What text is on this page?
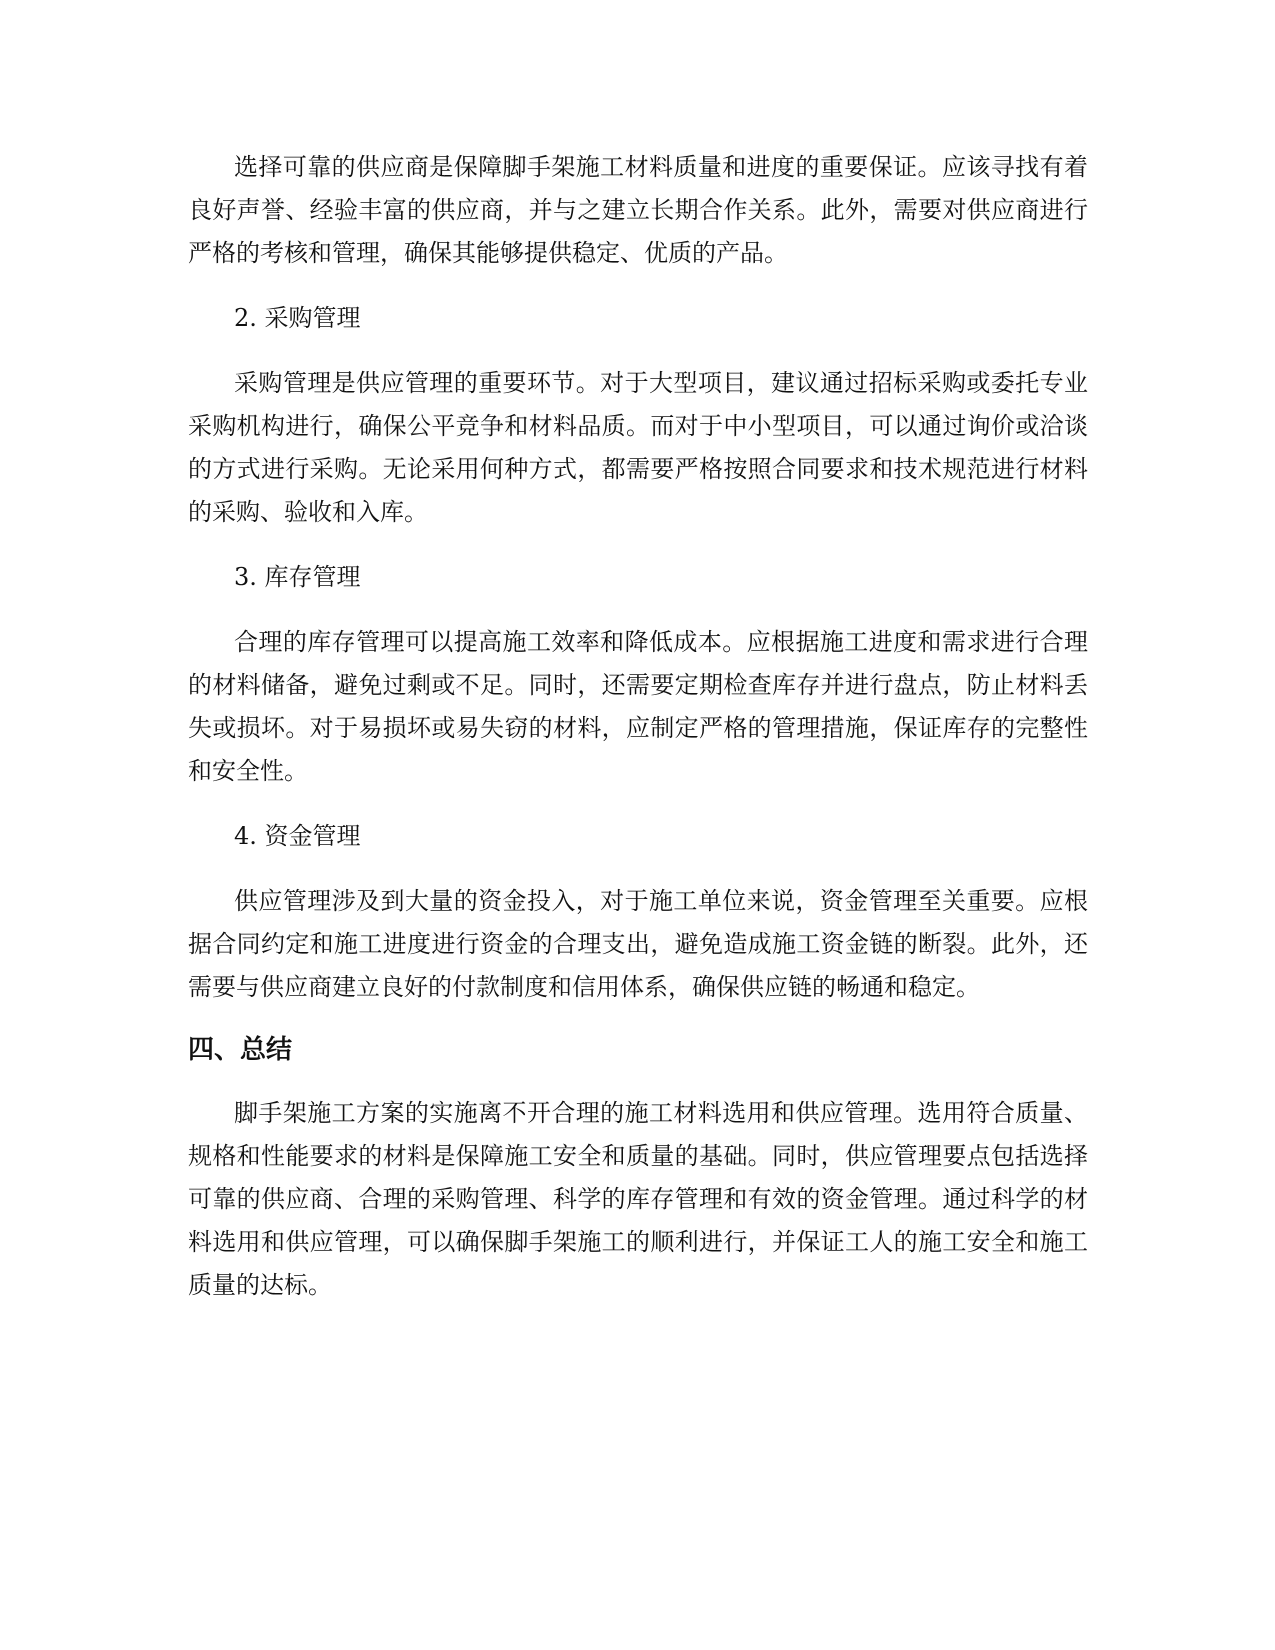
选择可靠的供应商是保障脚手架施工材料质量和进度的重要保证。应该寻找有着良好声誉、经验丰富的供应商，并与之建立长期合作关系。此外，需要对供应商进行严格的考核和管理，确保其能够提供稳定、优质的产品。

2. 采购管理

采购管理是供应管理的重要环节。对于大型项目，建议通过招标采购或委托专业采购机构进行，确保公平竞争和材料品质。而对于中小型项目，可以通过询价或洽谈的方式进行采购。无论采用何种方式，都需要严格按照合同要求和技术规范进行材料的采购、验收和入库。

3. 库存管理

合理的库存管理可以提高施工效率和降低成本。应根据施工进度和需求进行合理的材料储备，避免过剩或不足。同时，还需要定期检查库存并进行盘点，防止材料丢失或损坏。对于易损坏或易失窃的材料，应制定严格的管理措施，保证库存的完整性和安全性。

4. 资金管理

供应管理涉及到大量的资金投入，对于施工单位来说，资金管理至关重要。应根据合同约定和施工进度进行资金的合理支出，避免造成施工资金链的断裂。此外，还需要与供应商建立良好的付款制度和信用体系，确保供应链的畅通和稳定。

四、总结

脚手架施工方案的实施离不开合理的施工材料选用和供应管理。选用符合质量、规格和性能要求的材料是保障施工安全和质量的基础。同时，供应管理要点包括选择可靠的供应商、合理的采购管理、科学的库存管理和有效的资金管理。通过科学的材料选用和供应管理，可以确保脚手架施工的顺利进行，并保证工人的施工安全和施工质量的达标。
